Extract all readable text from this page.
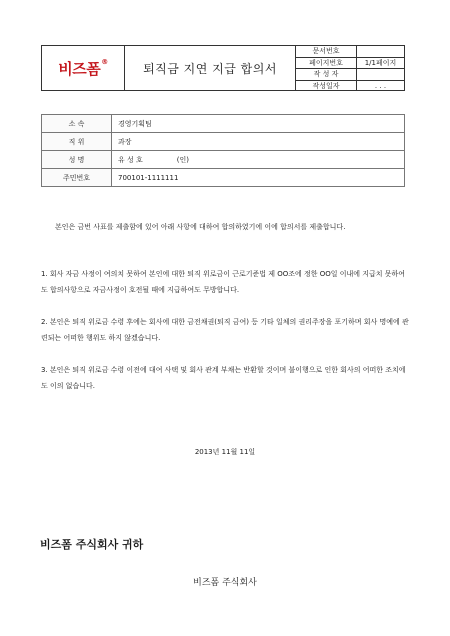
비즈폼®	퇴직금 지연 지급 합의서
문서번호	
페이지번호	1/1페이지
작 성 자	
작성일자	. . .
소 속	경영기획팀
직 위	과장
성 명	유 성 호 (인)

주민번호	700101-1111111

본인은 금번 사표를 제출함에 있어 아래 사항에 대하여 합의하였기에 이에 합의서를 제출합니다.

1. 회사 자금 사정이 여의치 못하여 본인에 대한 퇴직 위로금이 근로기준법 제 OO조에 정한 OO일 이내에 지급치 못하여도 합의사항으로 자금사정이 호전될 때에 지급하여도 무방합니다.

2. 본인은 퇴직 위로금 수령 후에는 회사에 대한 금전채권(퇴직 금여) 등 기타 일체의 권리주장을 포기하며 회사 명예에 관련되는 어떠한 행위도 하지 않겠습니다.

3. 본인은 퇴직 위로금 수령 이전에 대여 사택 및 회사 관계 부채는 반환할 것이며 불이행으로 인한 회사의 어떠한 조치에도 이의 없습니다.

2013년 11월 11일
비즈폼 주식회사 귀하
비즈폼 주식회사
